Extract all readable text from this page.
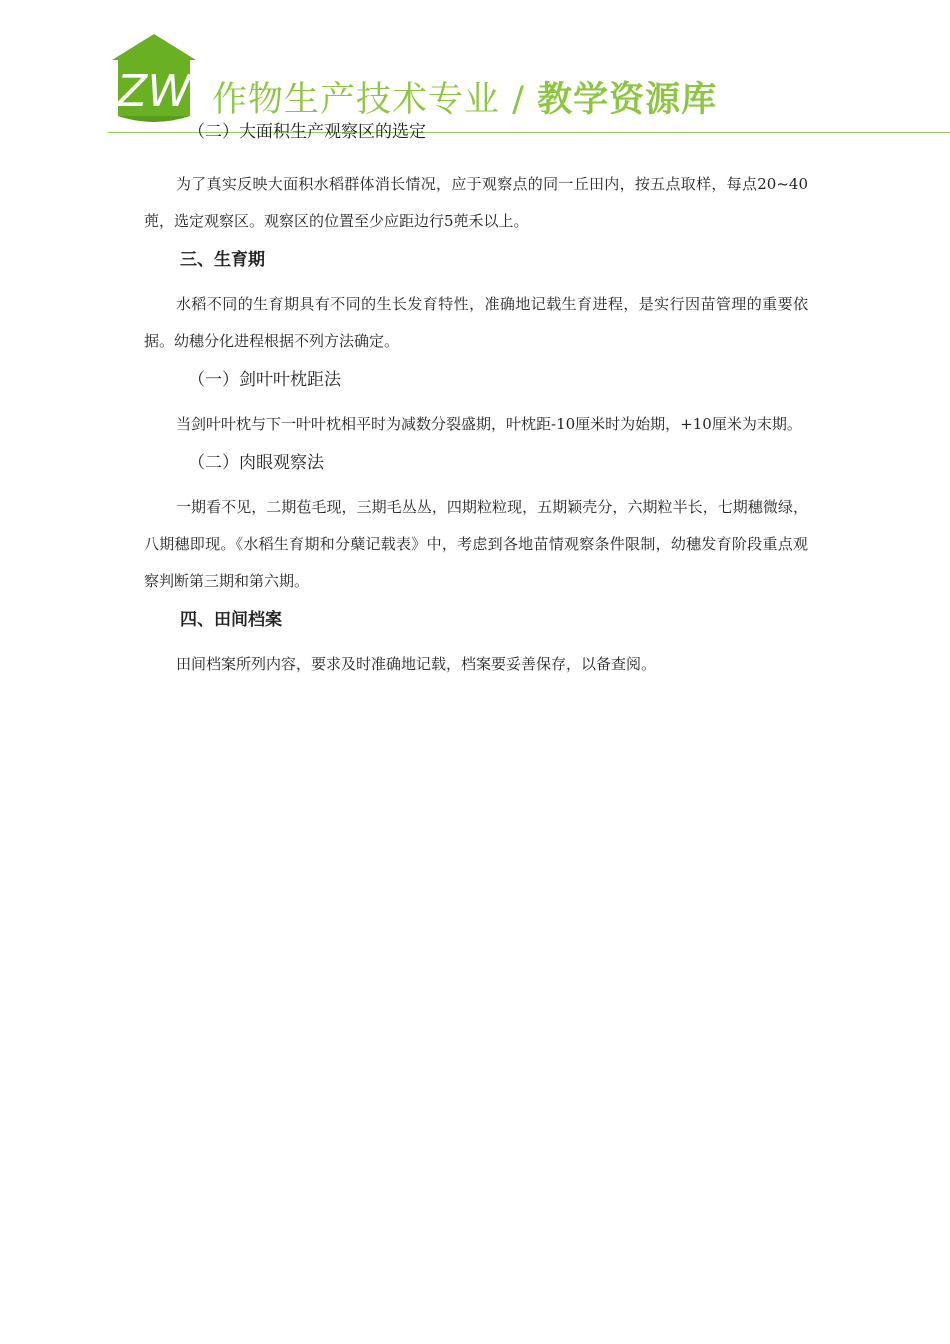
ZW 作物生产技术专业 / 教学资源库

（二）大面积生产观察区的选定

为了真实反映大面积水稻群体消长情况，应于观察点的同一丘田内，按五点取样，每点20~40蔸，选定观察区。观察区的位置至少应距边行5蔸禾以上。

三、生育期

水稻不同的生育期具有不同的生长发育特性，准确地记载生育进程，是实行因苗管理的重要依据。幼穗分化进程根据不列方法确定。

（一）剑叶叶枕距法

当剑叶叶枕与下一叶叶枕相平时为减数分裂盛期，叶枕距-10厘米时为始期，+10厘米为末期。

（二）肉眼观察法

一期看不见，二期苞毛现，三期毛丛丛，四期粒粒现，五期颖壳分，六期粒半长，七期穗微绿，八期穗即现。《水稻生育期和分蘖记载表》中，考虑到各地苗情观察条件限制，幼穗发育阶段重点观察判断第三期和第六期。

四、田间档案

田间档案所列内容，要求及时准确地记载，档案要妥善保存，以备查阅。
